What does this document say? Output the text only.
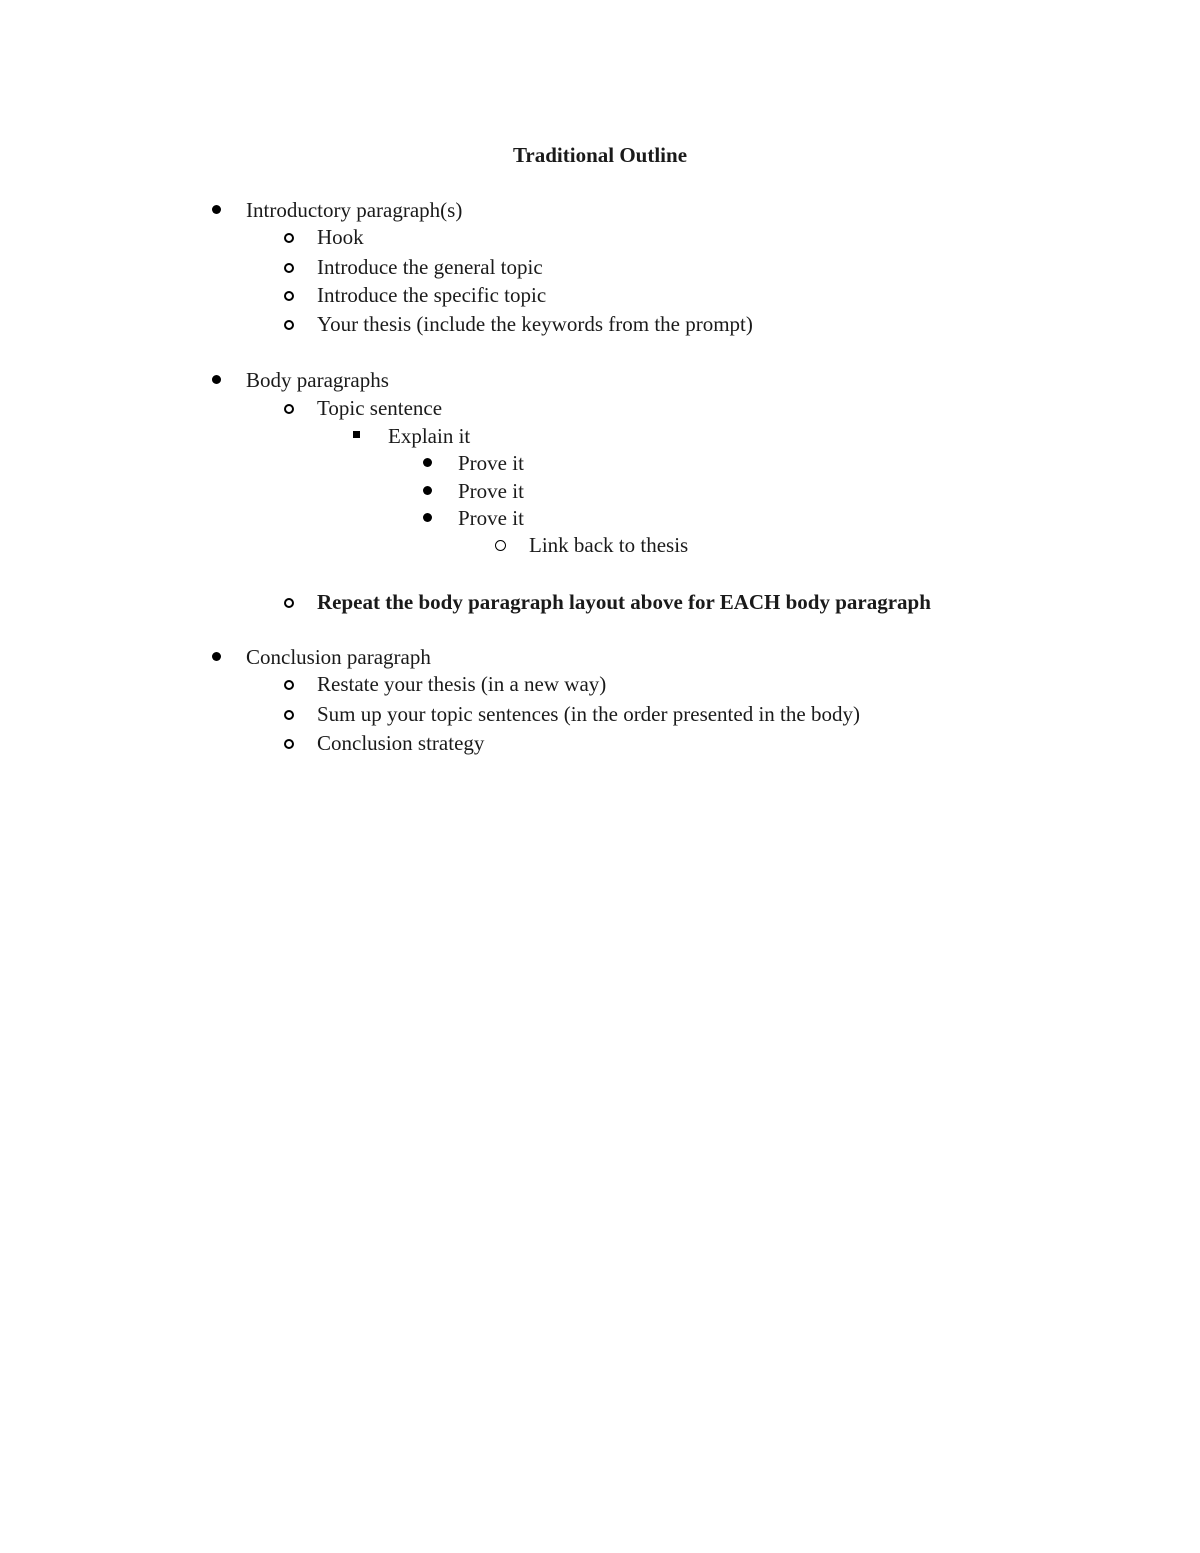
Traditional Outline
Introductory paragraph(s)
Hook
Introduce the general topic
Introduce the specific topic
Your thesis (include the keywords from the prompt)
Body paragraphs
Topic sentence
Explain it
Prove it
Prove it
Prove it
Link back to thesis
Repeat the body paragraph layout above for EACH body paragraph
Conclusion paragraph
Restate your thesis (in a new way)
Sum up your topic sentences (in the order presented in the body)
Conclusion strategy
